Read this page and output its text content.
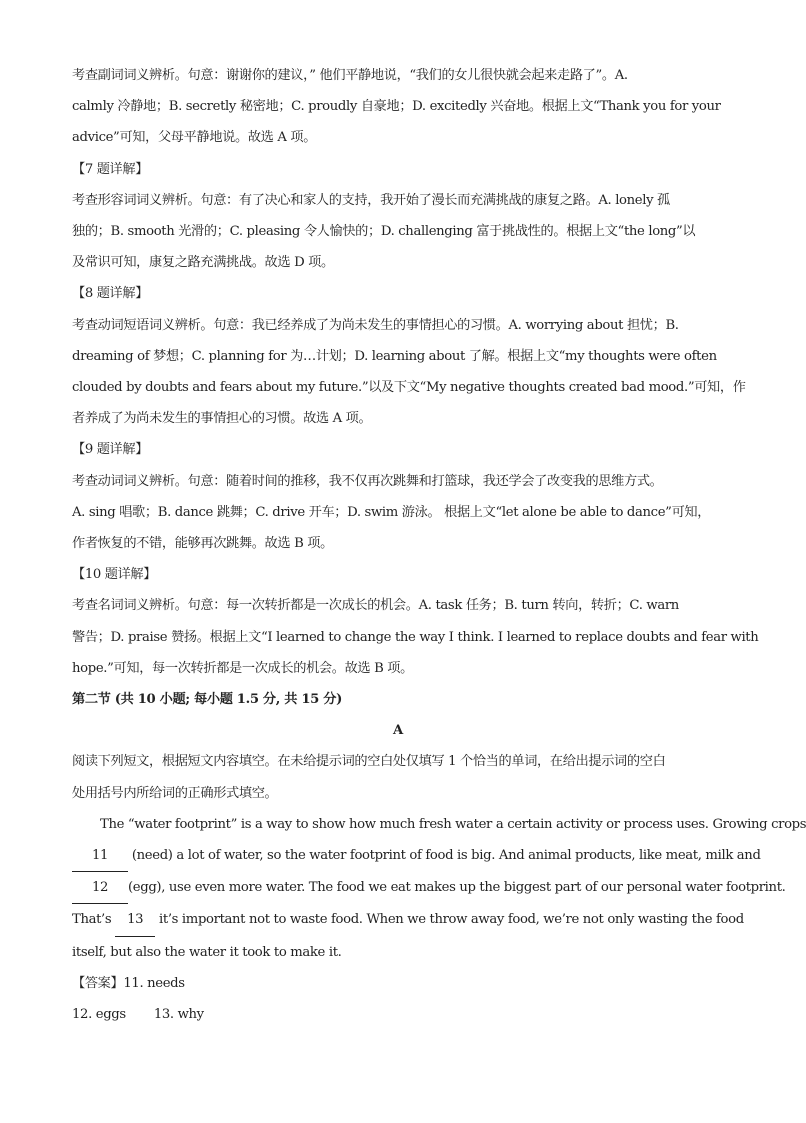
考查副词词义辨析。句意：谢谢你的建议，” 他们平静地说，“我们的女儿很快就会起来走路了”。A.
calmly 冷静地；B. secretly 秘密地；C. proudly 自豪地；D. excitedly 兴奋地。根据上文“Thank you for your
advice”可知，父母平静地说。故选 A 项。
【7 题详解】
考查形容词词义辨析。句意：有了决心和家人的支持，我开始了漫长而充满挑战的康复之路。A. lonely 孤
独的；B. smooth 光滑的；C. pleasing 令人愉快的；D. challenging 富于挑战性的。根据上文“the long”以
及常识可知，康复之路充满挑战。故选 D 项。
【8 题详解】
考查动词短语词义辨析。句意：我已经养成了为尚未发生的事情担心的习惯。A. worrying about 担忧；B.
dreaming of 梦想；C. planning for 为…计划；D. learning about 了解。根据上文“my thoughts were often
clouded by doubts and fears about my future.”以及下文“My negative thoughts created bad mood.”可知，作
者养成了为尚未发生的事情担心的习惯。故选 A 项。
【9 题详解】
考查动词词义辨析。句意：随着时间的推移，我不仅再次跳舞和打篮球，我还学会了改变我的思维方式。
A. sing 唱歌；B. dance 跳舞；C. drive 开车；D. swim 游泳。 根据上文“let alone be able to dance”可知，
作者恢复的不错，能够再次跳舞。故选 B 项。
【10 题详解】
考查名词词义辨析。句意：每一次转折都是一次成长的机会。A. task 任务；B. turn 转向，转折；C. warn
警告；D. praise 赞扬。根据上文“I learned to change the way I think. I learned to replace doubts and fear with
hope.”可知，每一次转折都是一次成长的机会。故选 B 项。
第二节 (共 10 小题; 每小题 1.5 分, 共 15 分)
A
阅读下列短文，根据短文内容填空。在未给提示词的空白处仅填写 1 个恰当的单词，在给出提示词的空白
处用括号内所给词的正确形式填空。
The “water footprint” is a way to show how much fresh water a certain activity or process uses. Growing crops
11 (need) a lot of water, so the water footprint of food is big. And animal products, like meat, milk and
12 (egg), use even more water. The food we eat makes up the biggest part of our personal water footprint.
That’s 13 it’s important not to waste food. When we throw away food, we’re not only wasting the food
itself, but also the water it took to make it.
【答案】11. needs
12. eggs 13. why
